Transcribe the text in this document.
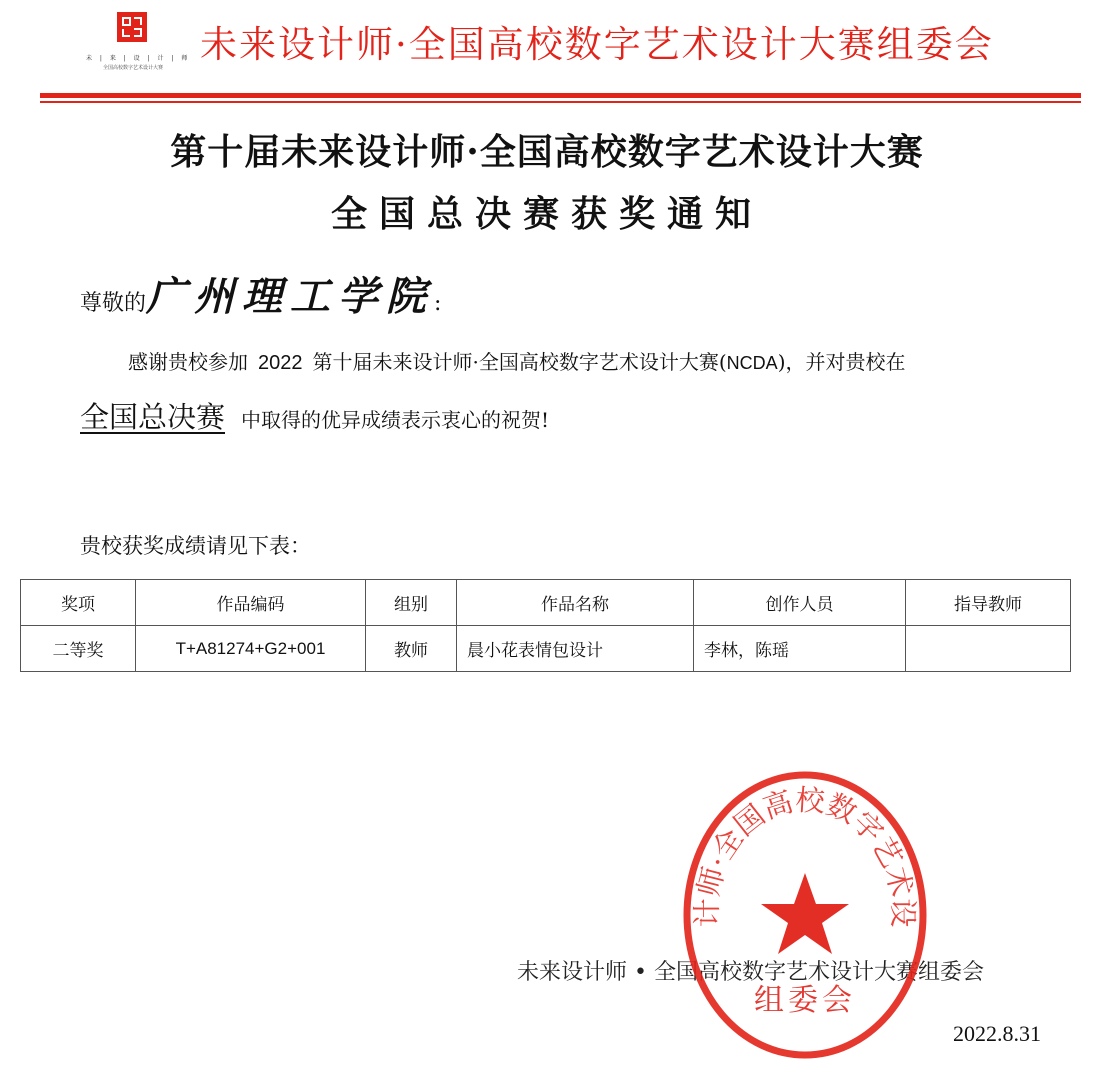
未 | 来 | 设 | 计 | 师
全国高校数字艺术设计大赛
未来设计师·全国高校数字艺术设计大赛组委会
第十届未来设计师·全国高校数字艺术设计大赛
全国总决赛获奖通知
尊敬的广州理工学院:
感谢贵校参加 2022 第十届未来设计师·全国高校数字艺术设计大赛(NCDA)，并对贵校在
全国总决赛 中取得的优异成绩表示衷心的祝贺!
贵校获奖成绩请见下表：
奖项	作品编码	组别	作品名称	创作人员	指导教师
二等奖	T+A81274+G2+001	教师	晨小花表情包设计	李林，陈瑶	
未来设计师 • 全国高校数字艺术设计大赛组委会
2022.8.31
计师·全国高校数字艺术设
组委会
